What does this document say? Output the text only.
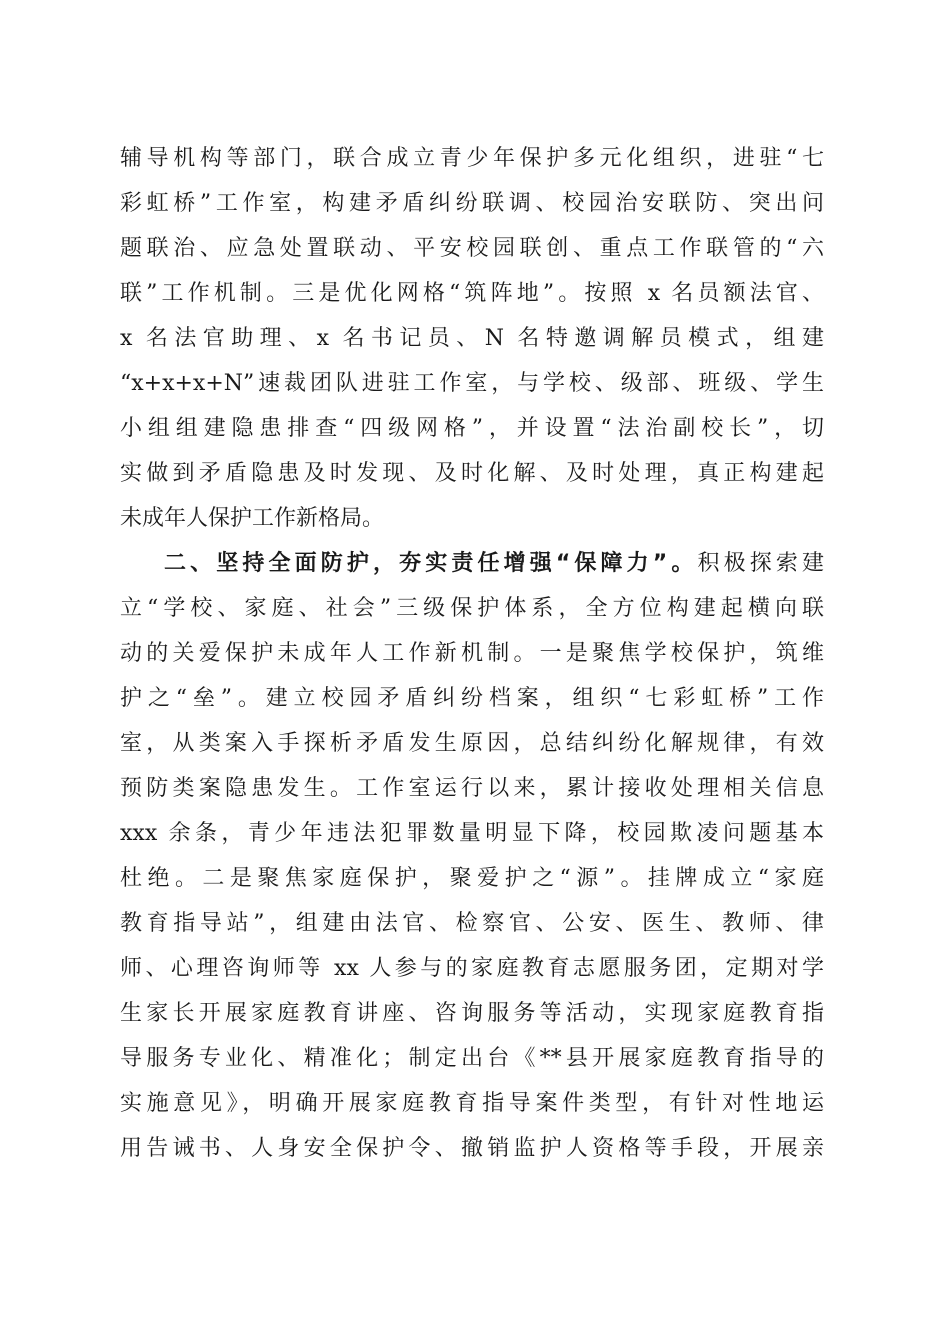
辅导机构等部门，联合成立青少年保护多元化组织，进驻“七
彩虹桥”工作室，构建矛盾纠纷联调、校园治安联防、突出问
题联治、应急处置联动、平安校园联创、重点工作联管的“六
联”工作机制。三是优化网格“筑阵地”。按照 x 名员额法官、
x 名法官助理、x 名书记员、N 名特邀调解员模式，组建
“x+x+x+N”速裁团队进驻工作室，与学校、级部、班级、学生
小组组建隐患排查“四级网格”，并设置“法治副校长”，切
实做到矛盾隐患及时发现、及时化解、及时处理，真正构建起
未成年人保护工作新格局。
二、坚持全面防护，夯实责任增强“保障力”。积极探索建
立“学校、家庭、社会”三级保护体系，全方位构建起横向联
动的关爱保护未成年人工作新机制。一是聚焦学校保护，筑维
护之“垒”。建立校园矛盾纠纷档案，组织“七彩虹桥”工作
室，从类案入手探析矛盾发生原因，总结纠纷化解规律，有效
预防类案隐患发生。工作室运行以来，累计接收处理相关信息
xxx 余条，青少年违法犯罪数量明显下降，校园欺凌问题基本
杜绝。二是聚焦家庭保护，聚爱护之“源”。挂牌成立“家庭
教育指导站”，组建由法官、检察官、公安、医生、教师、律
师、心理咨询师等 xx 人参与的家庭教育志愿服务团，定期对学
生家长开展家庭教育讲座、咨询服务等活动，实现家庭教育指
导服务专业化、精准化；制定出台《**县开展家庭教育指导的
实施意见》，明确开展家庭教育指导案件类型，有针对性地运
用告诫书、人身安全保护令、撤销监护人资格等手段，开展亲
